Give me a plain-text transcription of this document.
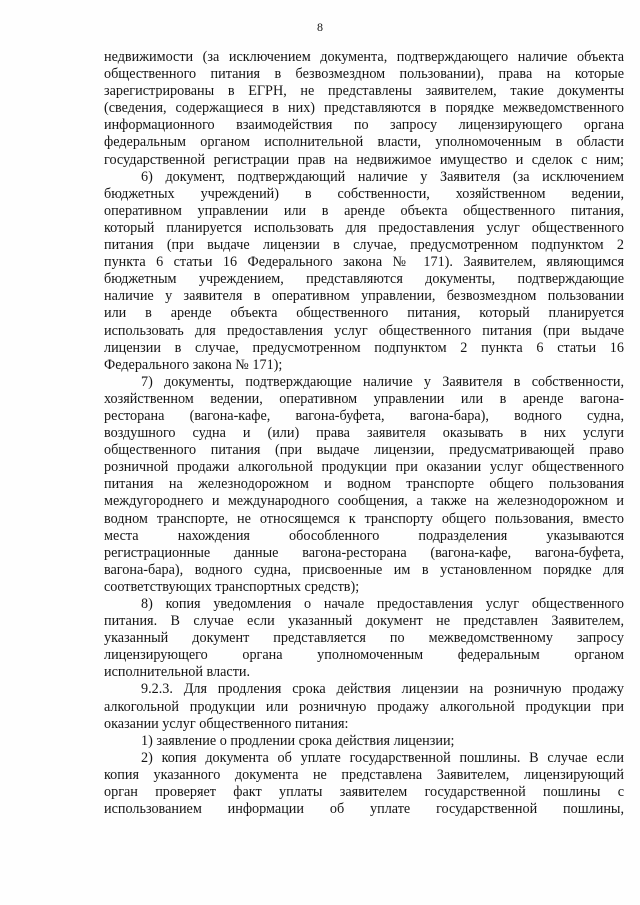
8
недвижимости (за исключением документа, подтверждающего наличие объекта
общественного питания в безвозмездном пользовании), права на которые
зарегистрированы в ЕГРН, не представлены заявителем, такие документы
(сведения, содержащиеся в них) представляются в порядке межведомственного
информационного взаимодействия по запросу лицензирующего органа
федеральным органом исполнительной власти, уполномоченным в области
государственной регистрации прав на недвижимое имущество и сделок с ним;
6) документ, подтверждающий наличие у Заявителя (за исключением
бюджетных учреждений) в собственности, хозяйственном ведении,
оперативном управлении или в аренде объекта общественного питания,
который планируется использовать для предоставления услуг общественного
питания (при выдаче лицензии в случае, предусмотренном подпунктом 2
пункта 6 статьи 16 Федерального закона № 171). Заявителем, являющимся
бюджетным учреждением, представляются документы, подтверждающие
наличие у заявителя в оперативном управлении, безвозмездном пользовании
или в аренде объекта общественного питания, который планируется
использовать для предоставления услуг общественного питания (при выдаче
лицензии в случае, предусмотренном подпунктом 2 пункта 6 статьи 16
Федерального закона № 171);
7) документы, подтверждающие наличие у Заявителя в собственности,
хозяйственном ведении, оперативном управлении или в аренде вагона-
ресторана (вагона-кафе, вагона-буфета, вагона-бара), водного судна,
воздушного судна и (или) права заявителя оказывать в них услуги
общественного питания (при выдаче лицензии, предусматривающей право
розничной продажи алкогольной продукции при оказании услуг общественного
питания на железнодорожном и водном транспорте общего пользования
междугороднего и международного сообщения, а также на железнодорожном и
водном транспорте, не относящемся к транспорту общего пользования, вместо
места нахождения обособленного подразделения указываются
регистрационные данные вагона-ресторана (вагона-кафе, вагона-буфета,
вагона-бара), водного судна, присвоенные им в установленном порядке для
соответствующих транспортных средств);
8) копия уведомления о начале предоставления услуг общественного
питания. В случае если указанный документ не представлен Заявителем,
указанный документ представляется по межведомственному запросу
лицензирующего органа уполномоченным федеральным органом
исполнительной власти.
9.2.3. Для продления срока действия лицензии на розничную продажу
алкогольной продукции или розничную продажу алкогольной продукции при
оказании услуг общественного питания:
1) заявление о продлении срока действия лицензии;
2) копия документа об уплате государственной пошлины. В случае если
копия указанного документа не представлена Заявителем, лицензирующий
орган проверяет факт уплаты заявителем государственной пошлины с
использованием информации об уплате государственной пошлины,
